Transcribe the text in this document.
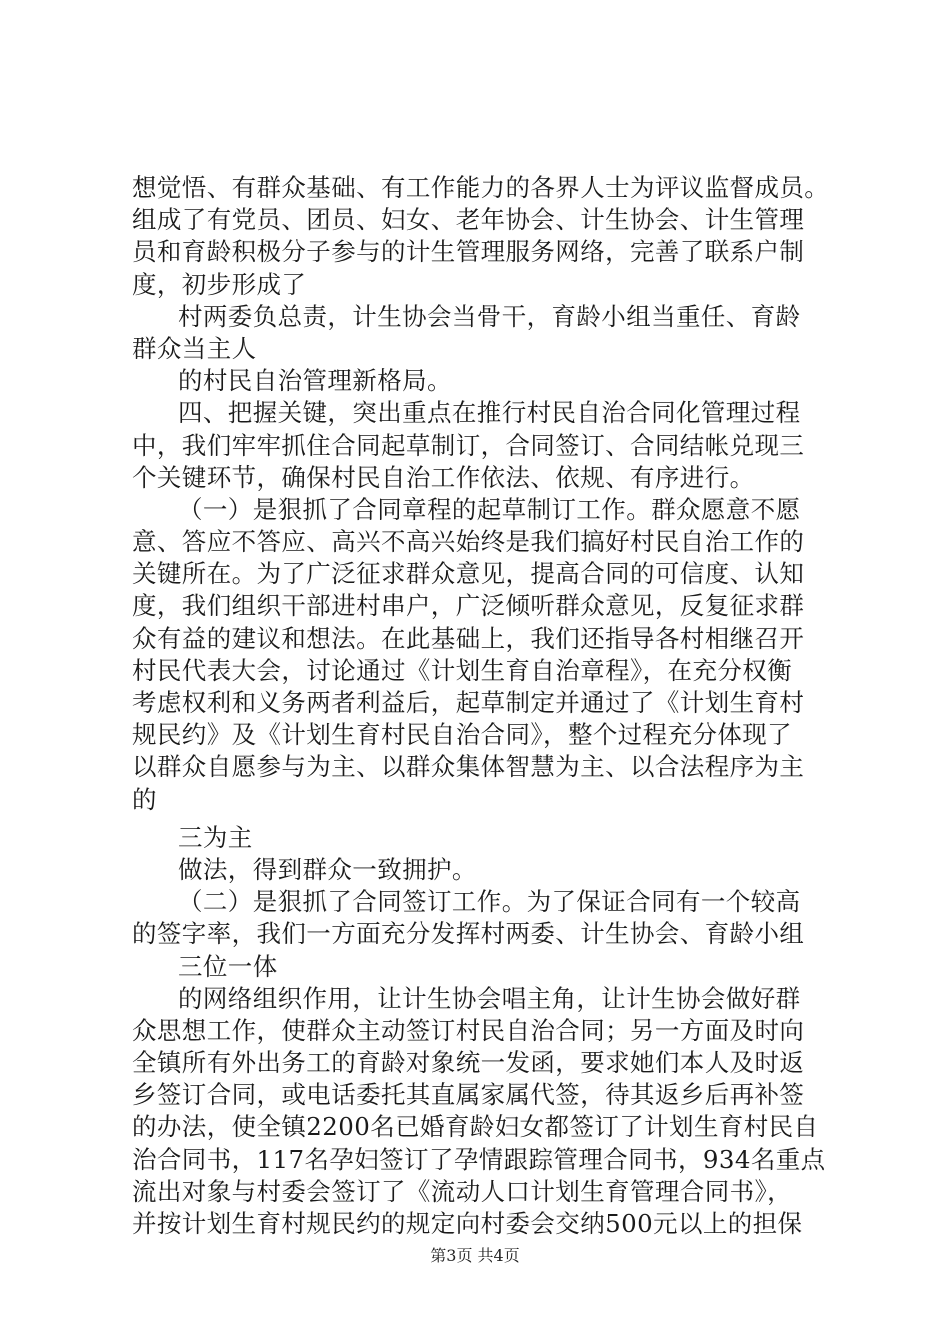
想觉悟、有群众基础、有工作能力的各界人士为评议监督成员。
组成了有党员、团员、妇女、老年协会、计生协会、计生管理
员和育龄积极分子参与的计生管理服务网络，完善了联系户制
度，初步形成了
村两委负总责，计生协会当骨干，育龄小组当重任、育龄
群众当主人
的村民自治管理新格局。
四、把握关键，突出重点在推行村民自治合同化管理过程
中，我们牢牢抓住合同起草制订，合同签订、合同结帐兑现三
个关键环节，确保村民自治工作依法、依规、有序进行。
（一）是狠抓了合同章程的起草制订工作。群众愿意不愿
意、答应不答应、高兴不高兴始终是我们搞好村民自治工作的
关键所在。为了广泛征求群众意见，提高合同的可信度、认知
度，我们组织干部进村串户，广泛倾听群众意见，反复征求群
众有益的建议和想法。在此基础上，我们还指导各村相继召开
村民代表大会，讨论通过《计划生育自治章程》，在充分权衡
考虑权利和义务两者利益后，起草制定并通过了《计划生育村
规民约》及《计划生育村民自治合同》，整个过程充分体现了
以群众自愿参与为主、以群众集体智慧为主、以合法程序为主
的
三为主
做法，得到群众一致拥护。
（二）是狠抓了合同签订工作。为了保证合同有一个较高
的签字率，我们一方面充分发挥村两委、计生协会、育龄小组
三位一体
的网络组织作用，让计生协会唱主角，让计生协会做好群
众思想工作，使群众主动签订村民自治合同；另一方面及时向
全镇所有外出务工的育龄对象统一发函，要求她们本人及时返
乡签订合同，或电话委托其直属家属代签，待其返乡后再补签
的办法，使全镇2200名已婚育龄妇女都签订了计划生育村民自
治合同书，117名孕妇签订了孕情跟踪管理合同书，934名重点
流出对象与村委会签订了《流动人口计划生育管理合同书》，
并按计划生育村规民约的规定向村委会交纳500元以上的担保
第3页 共4页
